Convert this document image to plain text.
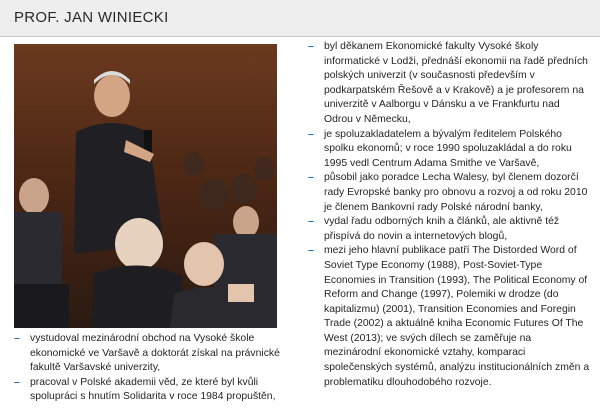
PROF. JAN WINIECKI
– vystudoval mezinárodní obchod na Vysoké škole ekonomické ve Varšavě a doktorát získal na právnické fakultě Varšavské univerzity,
– pracoval v Polské akademii věd, ze které byl kvůli spolupráci s hnutím Solidarita v roce 1984 propuštěn,
– byl děkanem Ekonomické fakulty Vysoké školy informatické v Lodži, přednáší ekonomii na řadě předních polských univerzit (v současnosti především v podkarpatském Řešově a v Krakově) a je profesorem na univerzitě v Aalborgu v Dánsku a ve Frankfurtu nad Odrou v Německu,
– je spoluzakladatelem a bývalým ředitelem Polského spolku ekonomů; v roce 1990 spoluzakládal a do roku 1995 vedl Centrum Adama Smithe ve Varšavě,
– působil jako poradce Lecha Walesy, byl členem dozorčí rady Evropské banky pro obnovu a rozvoj a od roku 2010 je členem Bankovní rady Polské národní banky,
– vydal řadu odborných knih a článků, ale aktivně též přispívá do novin a internetových blogů,
– mezi jeho hlavní publikace patří The Distorded Word of Soviet Type Economy (1988), Post-Soviet-Type Economies in Transition (1993), The Political Economy of Reform and Change (1997), Polemiki w drodze (do kapitalizmu) (2001), Transition Economies and Foregin Trade (2002) a aktuálně kniha Economic Futures Of The West (2013); ve svých dílech se zaměřuje na mezinárodní ekonomické vztahy, komparaci společenských systémů, analýzu institucionálních změn a problematiku dlouhodobého rozvoje.
